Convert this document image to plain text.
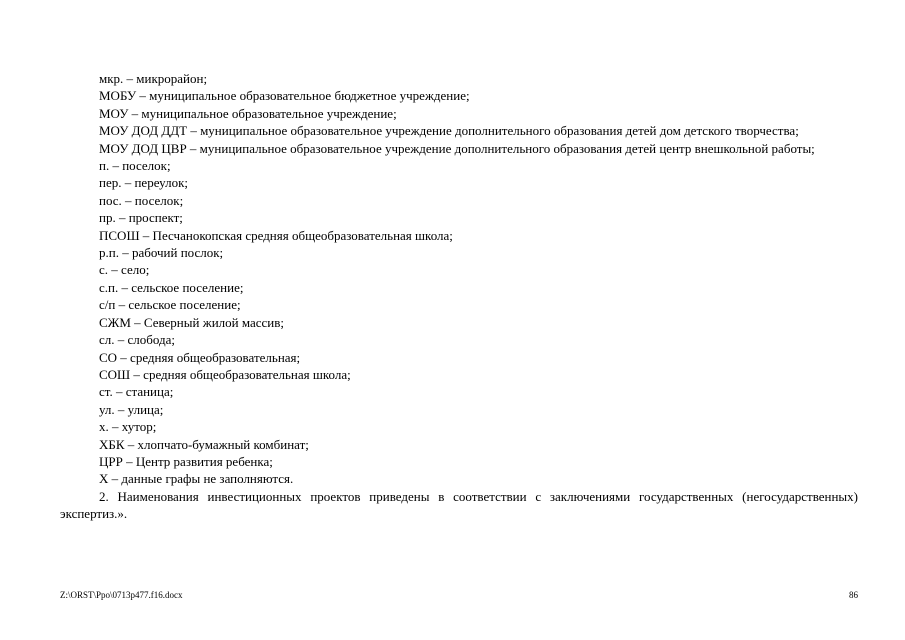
мкр. – микрорайон;

МОБУ – муниципальное образовательное бюджетное учреждение;

МОУ – муниципальное образовательное учреждение;

МОУ ДОД ДДТ – муниципальное образовательное учреждение дополнительного образования детей дом детского творчества;

МОУ ДОД ЦВР – муниципальное образовательное учреждение дополнительного образования детей центр внешкольной работы;

п. – поселок;

пер. – переулок;

пос. – поселок;

пр. – проспект;

ПСОШ – Песчанокопская средняя общеобразовательная школа;

р.п. – рабочий послок;

с. – село;

с.п. – сельское поселение;

с/п – сельское поселение;

СЖМ – Северный жилой массив;

сл. – слобода;

СО – средняя общеобразовательная;

СОШ – средняя общеобразовательная школа;

ст. – станица;

ул. – улица;

х. – хутор;

ХБК – хлопчато-бумажный комбинат;

ЦРР – Центр развития ребенка;

Х – данные графы не заполняются.

2. Наименования инвестиционных проектов приведены в соответствии с заключениями государственных (негосударственных) экспертиз.».

Z:\ORST\Ppo\0713p477.f16.docx	86
